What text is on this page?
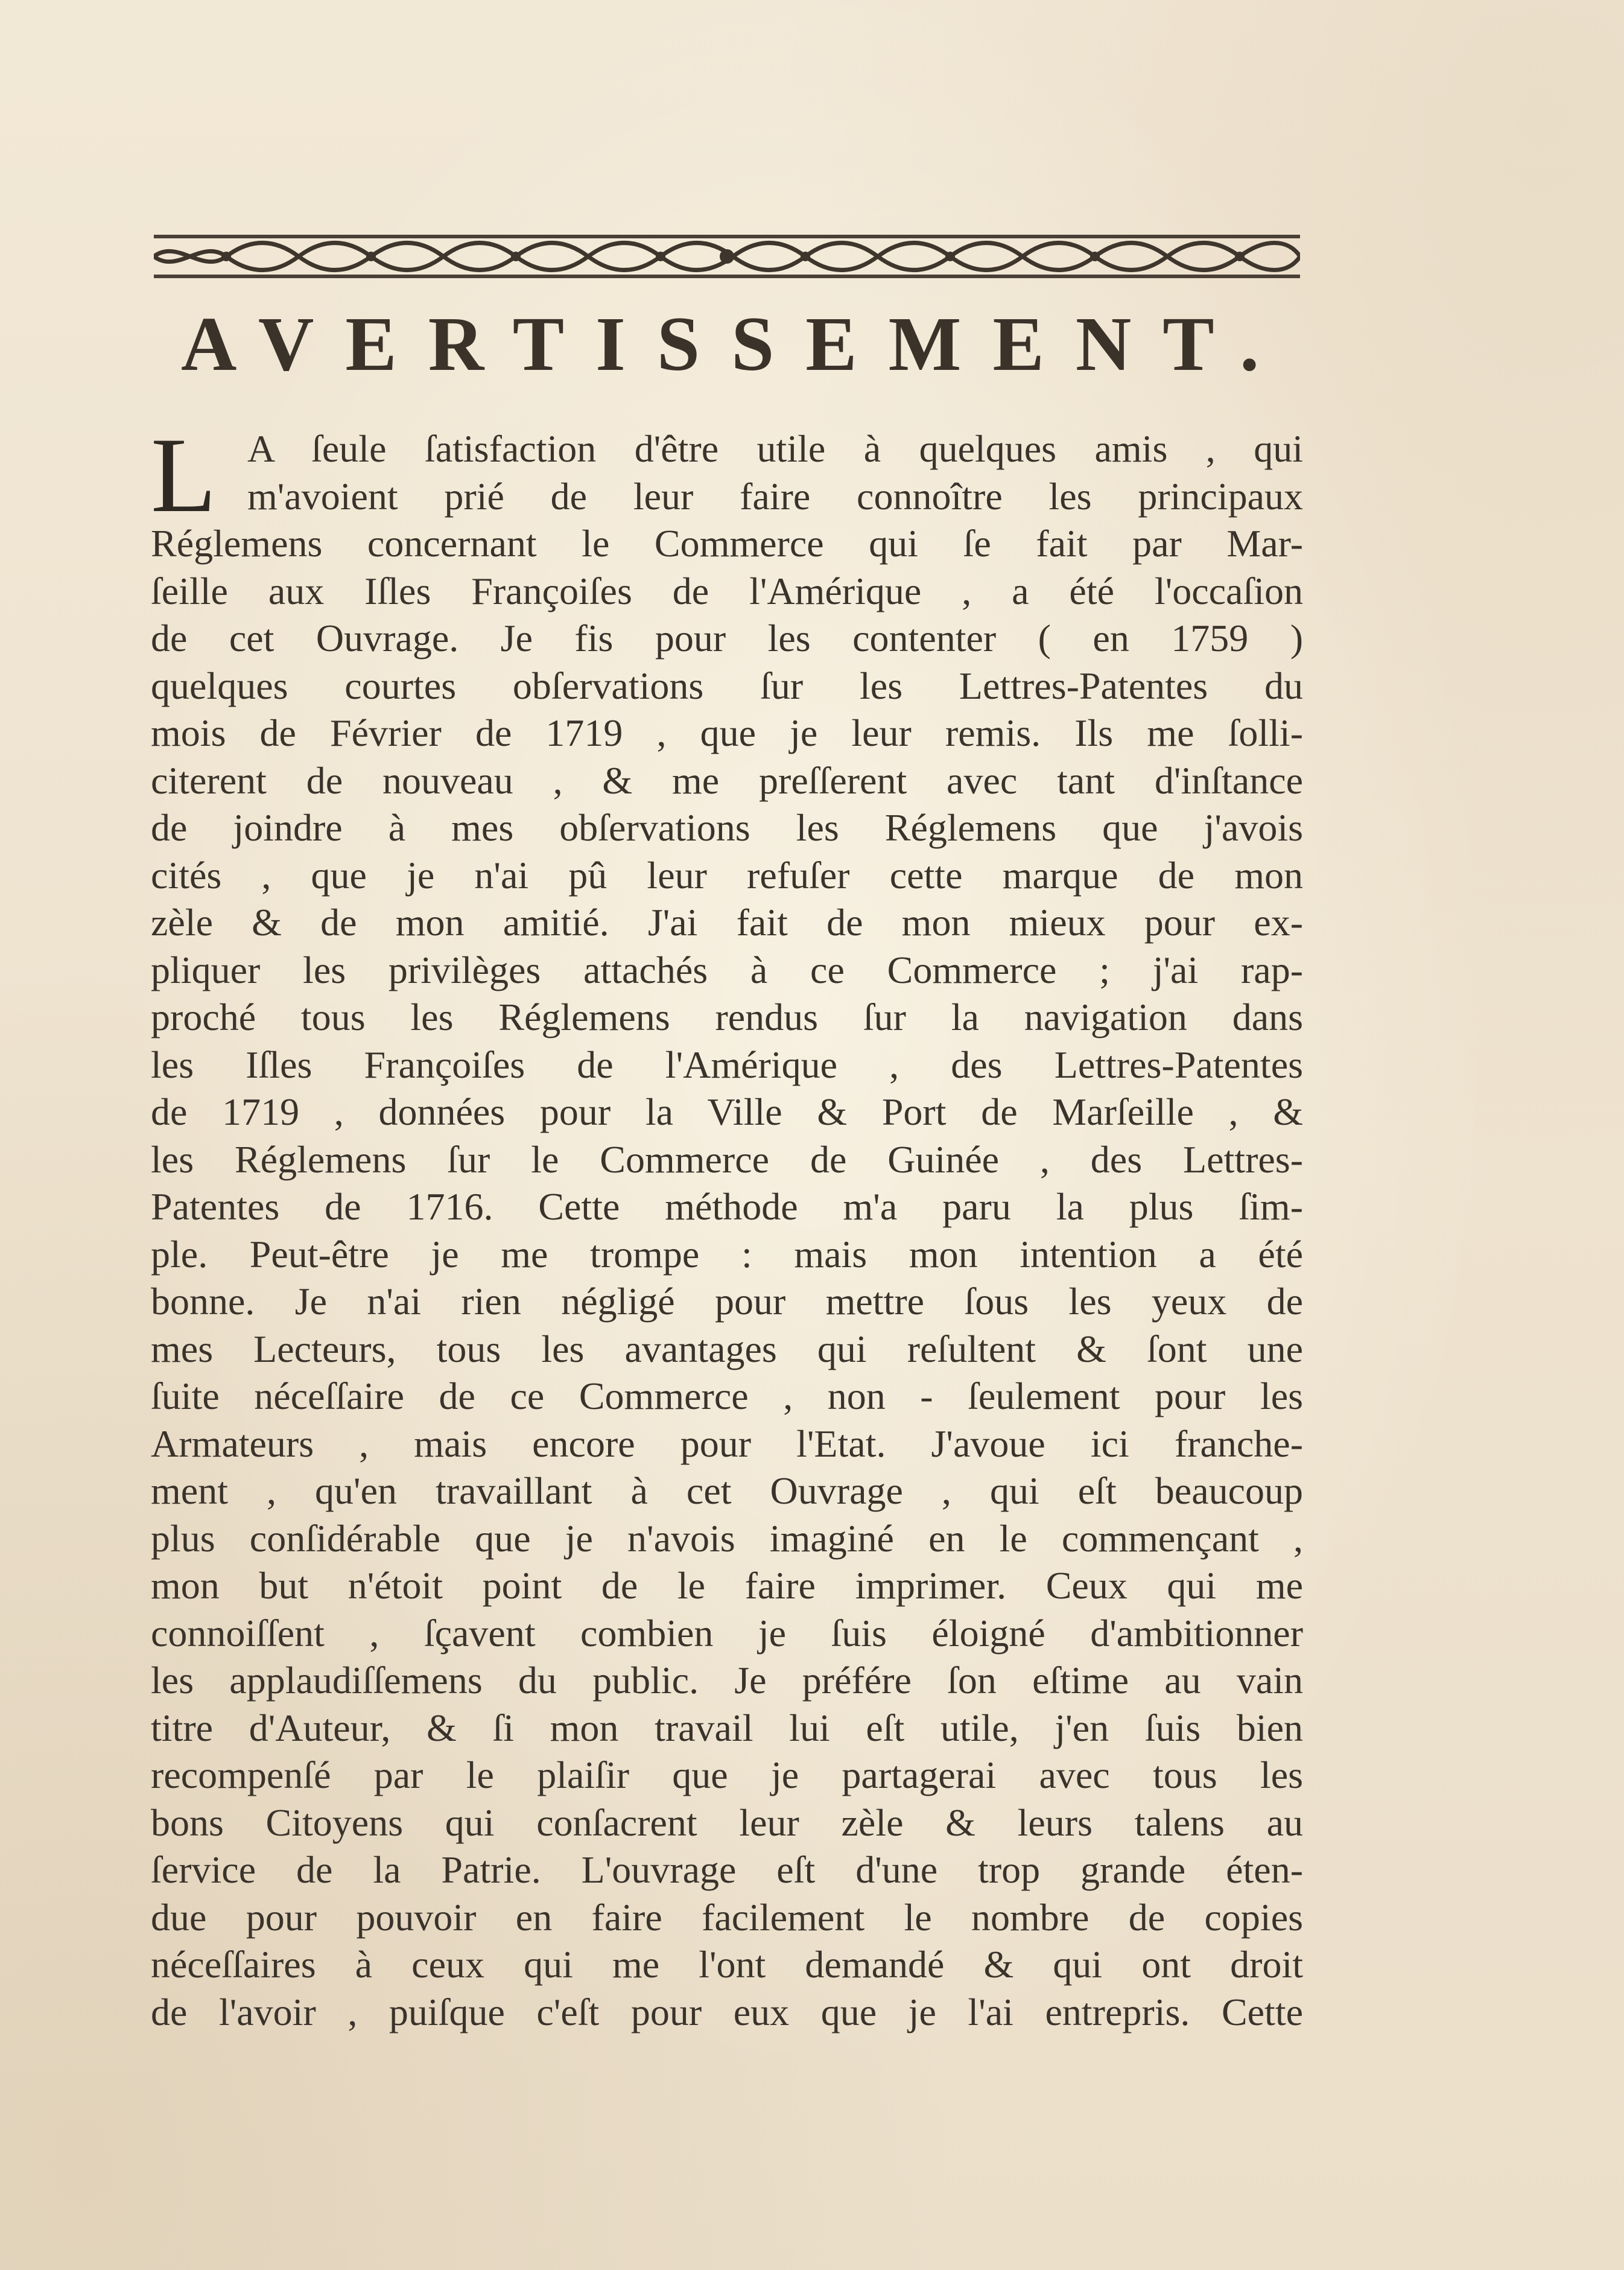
AVERTISSEMENT.
L A ſeule ſatisfaction d'être utile à quelques amis , qui
m'avoient prié de leur faire connoître les principaux
Réglemens concernant le Commerce qui ſe fait par Mar-
ſeille aux Iſles Françoiſes de l'Amérique , a été l'occaſion
de cet Ouvrage. Je fis pour les contenter ( en 1759 )
quelques courtes obſervations ſur les Lettres-Patentes du
mois de Février de 1719 , que je leur remis. Ils me ſolli-
citerent de nouveau , & me preſſerent avec tant d'inſtance
de joindre à mes obſervations les Réglemens que j'avois
cités , que je n'ai pû leur refuſer cette marque de mon
zèle & de mon amitié. J'ai fait de mon mieux pour ex-
pliquer les privilèges attachés à ce Commerce ; j'ai rap-
proché tous les Réglemens rendus ſur la navigation dans
les Iſles Françoiſes de l'Amérique , des Lettres-Patentes
de 1719 , données pour la Ville & Port de Marſeille , &
les Réglemens ſur le Commerce de Guinée , des Lettres-
Patentes de 1716. Cette méthode m'a paru la plus ſim-
ple. Peut-être je me trompe : mais mon intention a été
bonne. Je n'ai rien négligé pour mettre ſous les yeux de
mes Lecteurs, tous les avantages qui reſultent & ſont une
ſuite néceſſaire de ce Commerce , non - ſeulement pour les
Armateurs , mais encore pour l'Etat. J'avoue ici franche-
ment , qu'en travaillant à cet Ouvrage , qui eſt beaucoup
plus conſidérable que je n'avois imaginé en le commençant ,
mon but n'étoit point de le faire imprimer. Ceux qui me
connoiſſent , ſçavent combien je ſuis éloigné d'ambitionner
les applaudiſſemens du public. Je préfére ſon eſtime au vain
titre d'Auteur, & ſi mon travail lui eſt utile, j'en ſuis bien
recompenſé par le plaiſir que je partagerai avec tous les
bons Citoyens qui conſacrent leur zèle & leurs talens au
ſervice de la Patrie. L'ouvrage eſt d'une trop grande éten-
due pour pouvoir en faire facilement le nombre de copies
néceſſaires à ceux qui me l'ont demandé & qui ont droit
de l'avoir , puiſque c'eſt pour eux que je l'ai entrepris. Cette
